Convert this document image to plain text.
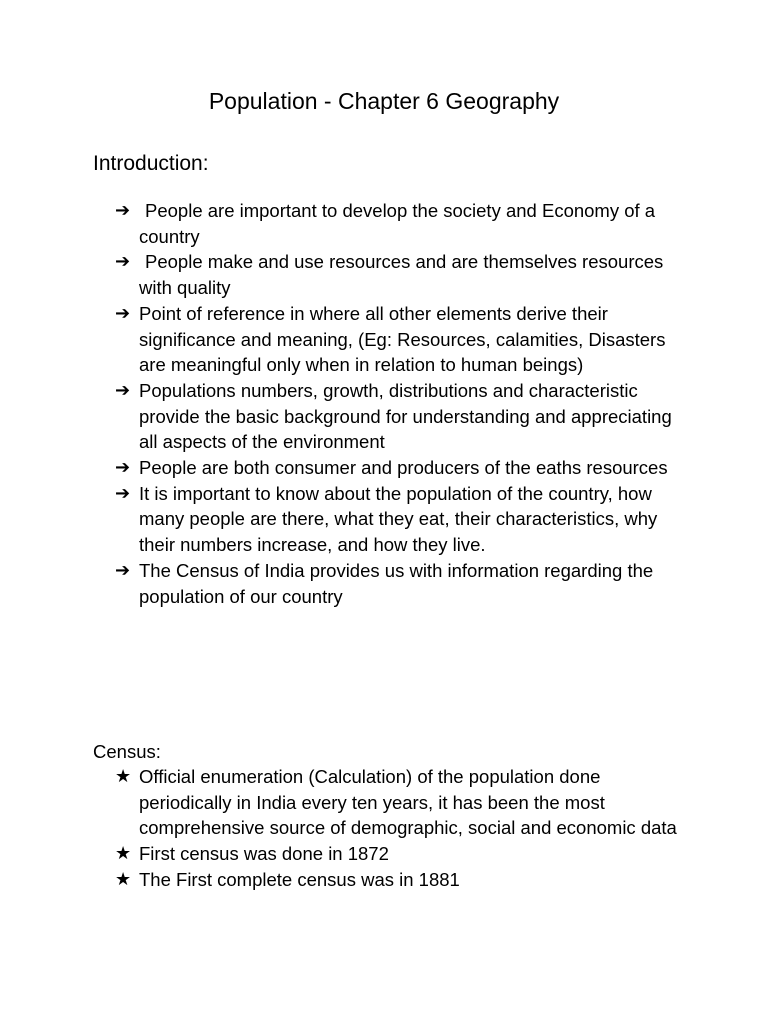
Population - Chapter 6 Geography
Introduction:
➔ People are important to develop the society and Economy of a country
➔ People make and use resources and are themselves resources with quality
➔ Point of reference in where all other elements derive their significance and meaning, (Eg: Resources, calamities, Disasters are meaningful only when in relation to human beings)
➔ Populations numbers, growth, distributions and characteristic provide the basic background for understanding and appreciating all aspects of the environment
➔ People are both consumer and producers of the eaths resources
➔ It is important to know about the population of the country, how many people are there, what they eat, their characteristics, why their numbers increase, and how they live.
➔ The Census of India provides us with information regarding the population of our country
Census:
★ Official enumeration (Calculation) of the population done periodically in India every ten years, it has been the most comprehensive source of demographic, social and economic data
★ First census was done in 1872
★ The First complete census was in 1881
